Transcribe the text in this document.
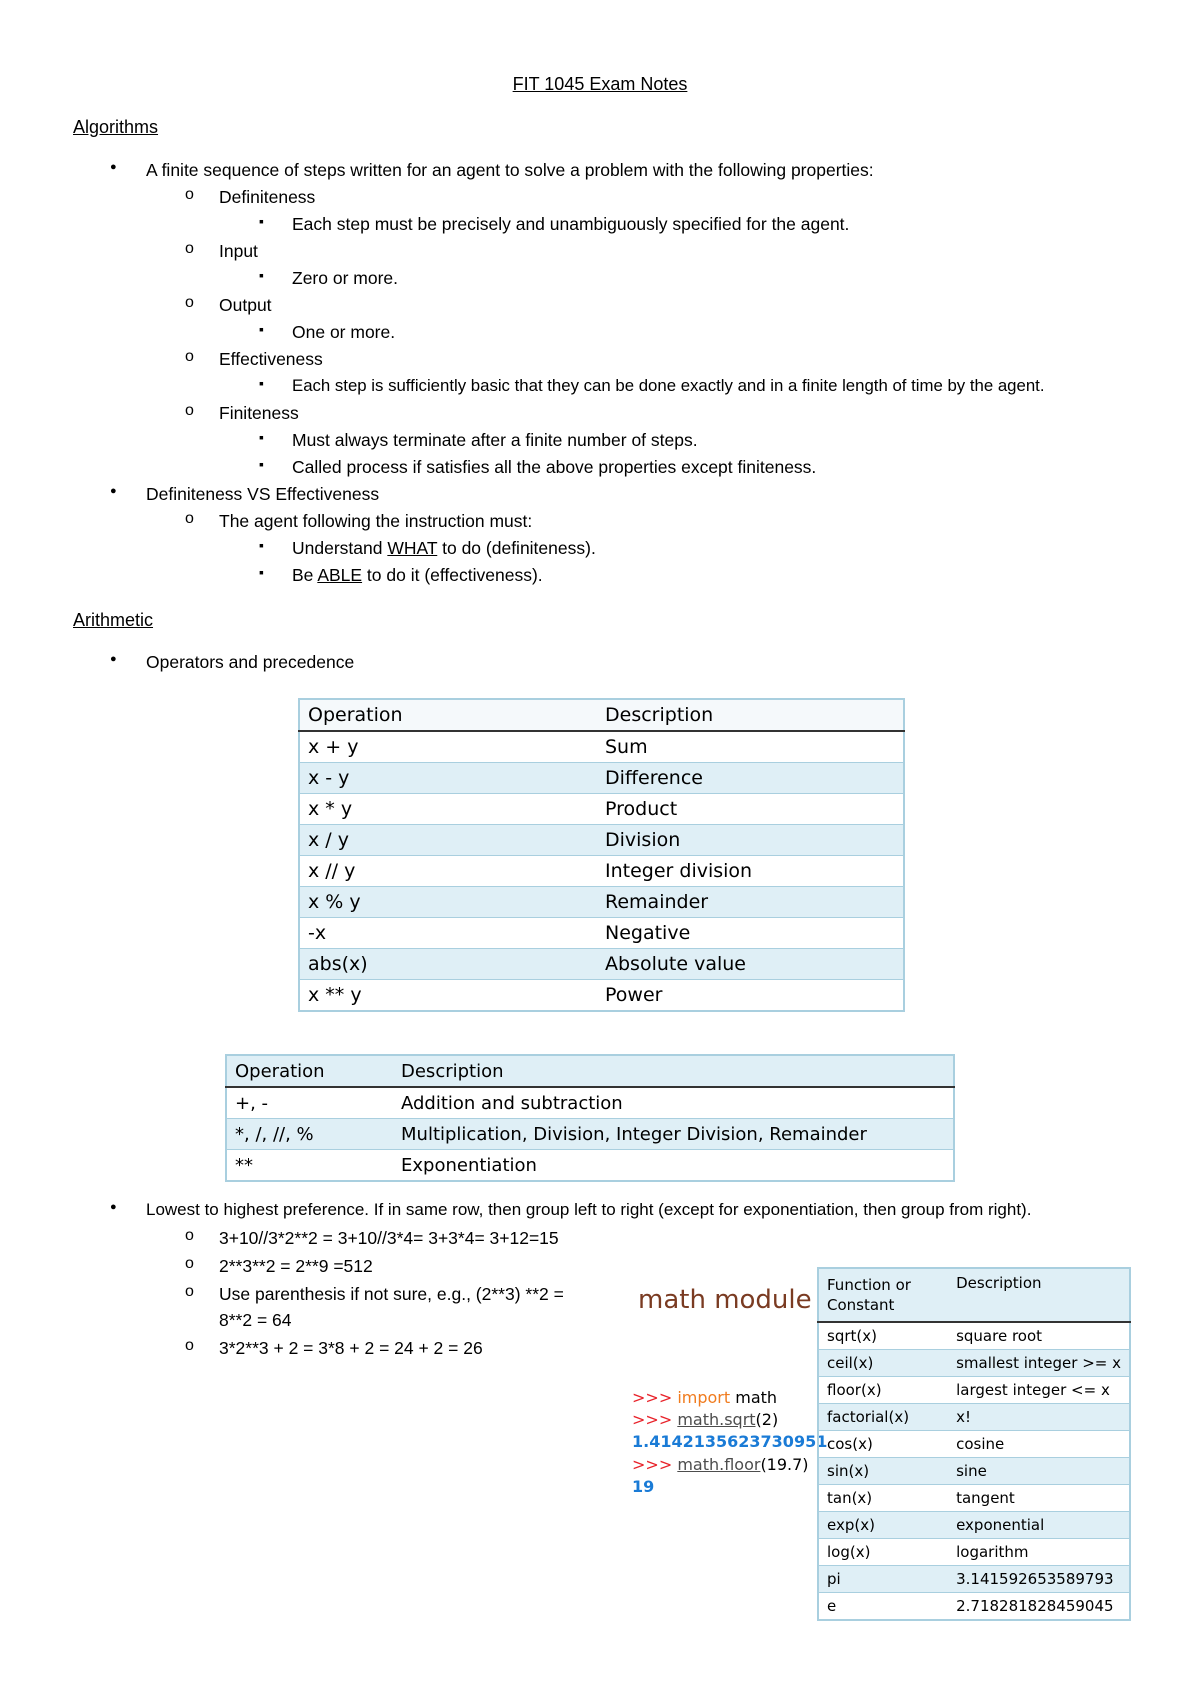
FIT 1045 Exam Notes
Algorithms
● A finite sequence of steps written for an agent to solve a problem with the following properties:
o Definiteness
▪ Each step must be precisely and unambiguously specified for the agent.
o Input
▪ Zero or more.
o Output
▪ One or more.
o Effectiveness
▪ Each step is sufficiently basic that they can be done exactly and in a finite length of time by the agent.
o Finiteness
▪ Must always terminate after a finite number of steps.
▪ Called process if satisfies all the above properties except finiteness.
● Definiteness VS Effectiveness
o The agent following the instruction must:
▪ Understand WHAT to do (definiteness).
▪ Be ABLE to do it (effectiveness).
Arithmetic
● Operators and precedence
Operation	Description
x + y	Sum
x - y	Difference
x * y	Product
x / y	Division
x // y	Integer division
x % y	Remainder
-x	Negative
abs(x)	Absolute value
x ** y	Power
Operation	Description
+, -	Addition and subtraction
*, /, //, %	Multiplication, Division, Integer Division, Remainder
**	Exponentiation
● Lowest to highest preference. If in same row, then group left to right (except for exponentiation, then group from right).
o 3+10//3*2**2 = 3+10//3*4= 3+3*4= 3+12=15
o 2**3**2 = 2**9 =512
o Use parenthesis if not sure, e.g., (2**3) **2 =
8**2 = 64
o 3*2**3 + 2 = 3*8 + 2 = 24 + 2 = 26
math module
>>> import math
>>> math.sqrt(2)
1.4142135623730951
>>> math.floor(19.7)
19
Function or Constant	Description
sqrt(x)	square root
ceil(x)	smallest integer >= x
floor(x)	largest integer <= x
factorial(x)	x!
cos(x)	cosine
sin(x)	sine
tan(x)	tangent
exp(x)	exponential
log(x)	logarithm
pi	3.141592653589793
e	2.718281828459045
